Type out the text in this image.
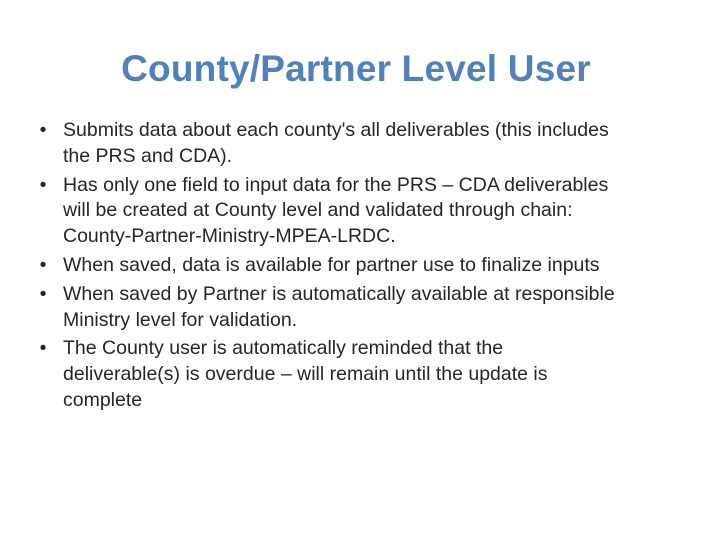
County/Partner Level User
• Submits data about each county's all deliverables (this includes the PRS and CDA).
• Has only one field to input data for the PRS – CDA deliverables will be created at County level and validated through chain: County-Partner-Ministry-MPEA-LRDC.
• When saved, data is available for partner use to finalize inputs
• When saved by Partner is automatically available at responsible Ministry level for validation.
• The County user is automatically reminded that the deliverable(s) is overdue – will remain until the update is complete
